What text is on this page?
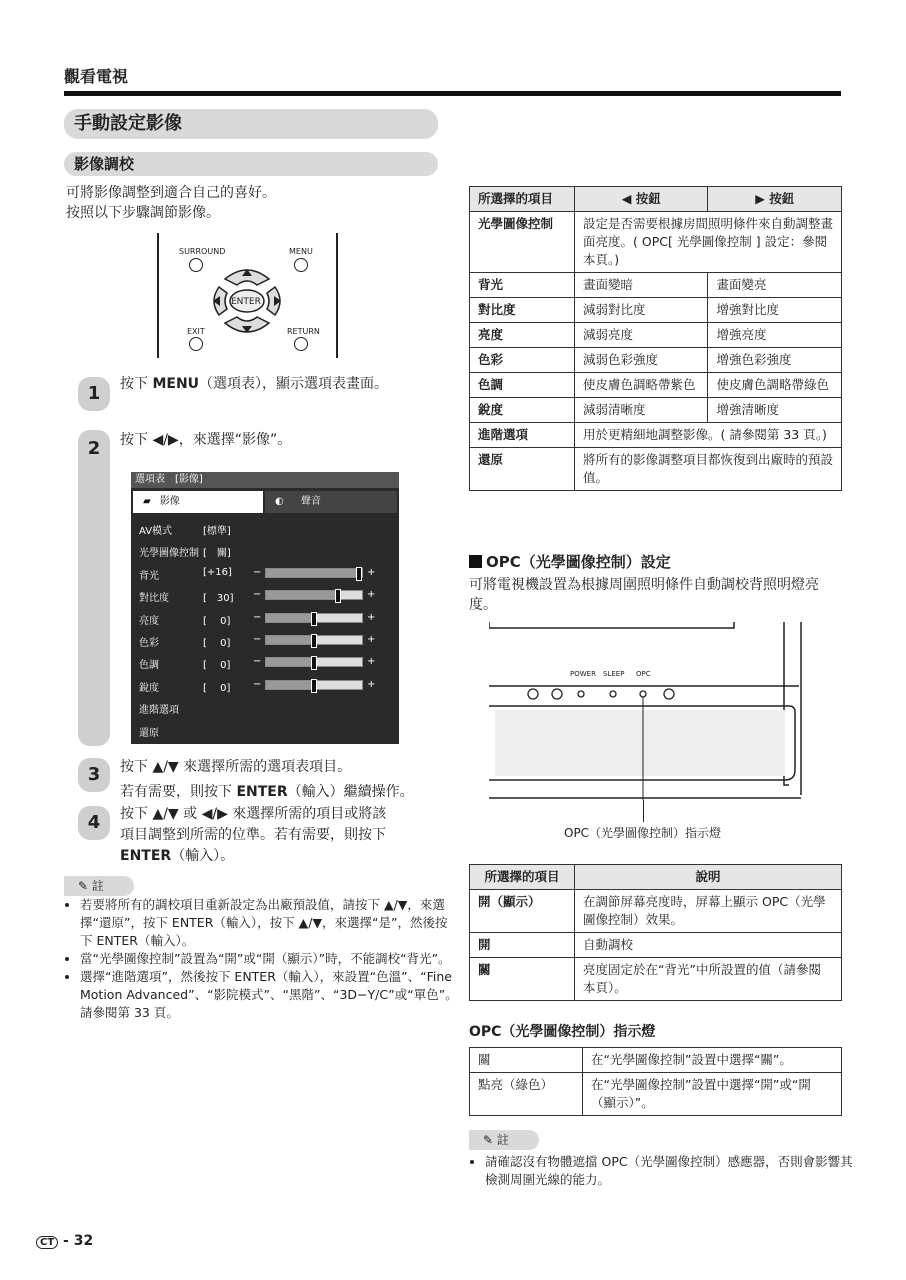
觀看電視
手動設定影像
影像調校
可將影像調整到適合自己的喜好。
按照以下步驟調節影像。
SURROUND	MENU
ENTER
EXIT	RETURN
1
2
3
4
按下 MENU（選項表），顯示選項表畫面。
按下 ◀/▶，來選擇“影像”。
選項表　[影像]
▰ 影像	◐ 聲音
AV模式	[標準]
光學圖像控制 [　關]
背光	[+16] −	+
對比度	[　30] −	+
亮度	[　 0] −	+
色彩	[　 0] −	+
色調	[　 0] −	+
銳度	[　 0] −	+
進階選項
還原
按下 ▲/▼ 來選擇所需的選項表項目。
若有需要，則按下 ENTER（輸入）繼續操作。
按下 ▲/▼ 或 ◀/▶ 來選擇所需的項目或將該
項目調整到所需的位準。若有需要，則按下
ENTER（輸入）。
✎ 註
• 若要將所有的調校項目重新設定為出廠預設值，請按下 ▲/▼，來選擇“還原”，按下 ENTER（輸入），按下 ▲/▼，來選擇“是”，然後按下 ENTER（輸入）。
• 當“光學圖像控制”設置為“開”或“開（顯示）”時，不能調校“背光”。
• 選擇“進階選項”，然後按下 ENTER（輸入），來設置“色溫”、“Fine Motion Advanced”、“影院模式”、“黑階”、“3D−Y/C”或“單色”。請參閱第 33 頁。
所選擇的項目	◀ 按鈕	▶ 按鈕
光學圖像控制	設定是否需要根據房間照明條件來自動調整畫面亮度。( OPC[ 光學圖像控制 ] 設定：參閱本頁。)	
背光	畫面變暗	畫面變亮
對比度	減弱對比度	增強對比度
亮度	減弱亮度	增強亮度
色彩	減弱色彩強度	增強色彩強度
色調	使皮膚色調略帶紫色	使皮膚色調略帶綠色
銳度	減弱清晰度	增強清晰度
進階選項	用於更精細地調整影像。( 請參閱第 33 頁。)	
還原	將所有的影像調整項目都恢復到出廠時的預設值。	
OPC（光學圖像控制）設定
可將電視機設置為根據周圍照明條件自動調校背照明燈亮度。
POWER SLEEP OPC
OPC（光學圖像控制）指示燈
所選擇的項目	說明
開（顯示）	在調節屏幕亮度時，屏幕上顯示 OPC（光學圖像控制）效果。
開	自動調校
關	亮度固定於在“背光”中所設置的值（請參閱本頁）。
OPC（光學圖像控制）指示燈
關	在“光學圖像控制”設置中選擇“關”。
點亮（綠色）	在“光學圖像控制”設置中選擇“開”或“開（顯示）”。
✎ 註
• 請確認沒有物體遮擋 OPC（光學圖像控制）感應器，否則會影響其檢測周圍光線的能力。
CT - 32
